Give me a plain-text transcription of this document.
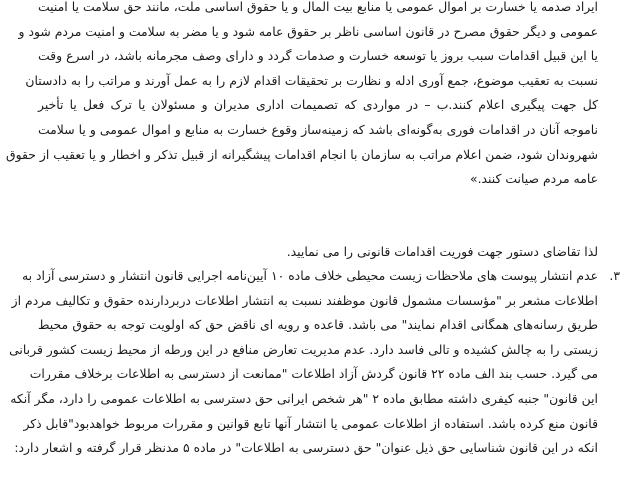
ایراد صدمه یا خسارت بر اموال عمومی یا منابع بیت المال و یا حقوق اساسی ملت، مانند حق سلامت یا امنیت
عمومی و دیگر حقوق مصرح در قانون اساسی ناظر بر حقوق عامه شود و یا مضر به سلامت و امنیت مردم شود و
یا این قبیل اقدامات سبب بروز یا توسعه خسارت و صدمات گردد و دارای وصف مجرمانه باشد، در اسرع وقت
نسبت به تعقیب موضوع، جمع آوری ادله و نظارت بر تحقیقات اقدام لازم را به عمل آورند و مراتب را به دادستان
کل جهت پیگیری اعلام کنند.ب – در مواردی که تصمیمات اداری مدیران و مسئولان یا ترک فعل یا تأخیر
ناموجه آنان در اقدامات فوری به‌گونه‌ای باشد که زمینه‌ساز وقوع خسارت به منابع و اموال عمومی و یا سلامت
شهروندان شود، ضمن اعلام مراتب به سازمان با انجام اقدامات پیشگیرانه از قبیل تذکر و اخطار و یا تعقیب از حقوق
عامه مردم صیانت کنند.»
لذا تقاضای دستور جهت فوریت اقدامات قانونی را می نمایید.
۳.
عدم انتشار پیوست های ملاحظات زیست محیطی خلاف ماده ۱۰ آیین‌نامه اجرایی قانون انتشار و دسترسی آزاد به
اطلاعات مشعر بر "مؤسسات مشمول قانون موظفند نسبت به انتشار اطلاعات دربردارنده حقوق و تکالیف مردم از
طریق رسانه‌های همگانی اقدام نمایند" می باشد. قاعده و رویه ای ناقض حق که اولویت توجه به حقوق محیط
زیستی را به چالش کشیده و تالی فاسد دارد. عدم مدیریت تعارض منافع در این ورطه از محیط زیست کشور قربانی
می گیرد. حسب بند الف ماده ۲۲ قانون گردش آزاد اطلاعات "ممانعت از دسترسی به اطلاعات برخلاف مقررات
این قانون" جنبه کیفری داشته مطابق ماده ۲ "هر شخص ایرانی حق دسترسی به اطلاعات عمومی را دارد، مگر آنکه
قانون منع کرده باشد. استفاده از اطلاعات عمومی یا انتشار آنها تابع قوانین و مقررات مربوط خواهدبود"قابل ذکر
انکه در این قانون شناسایی حق ذیل عنوان" حق دسترسی به اطلاعات" در ماده ۵ مدنظر قرار گرفته و اشعار دارد:
